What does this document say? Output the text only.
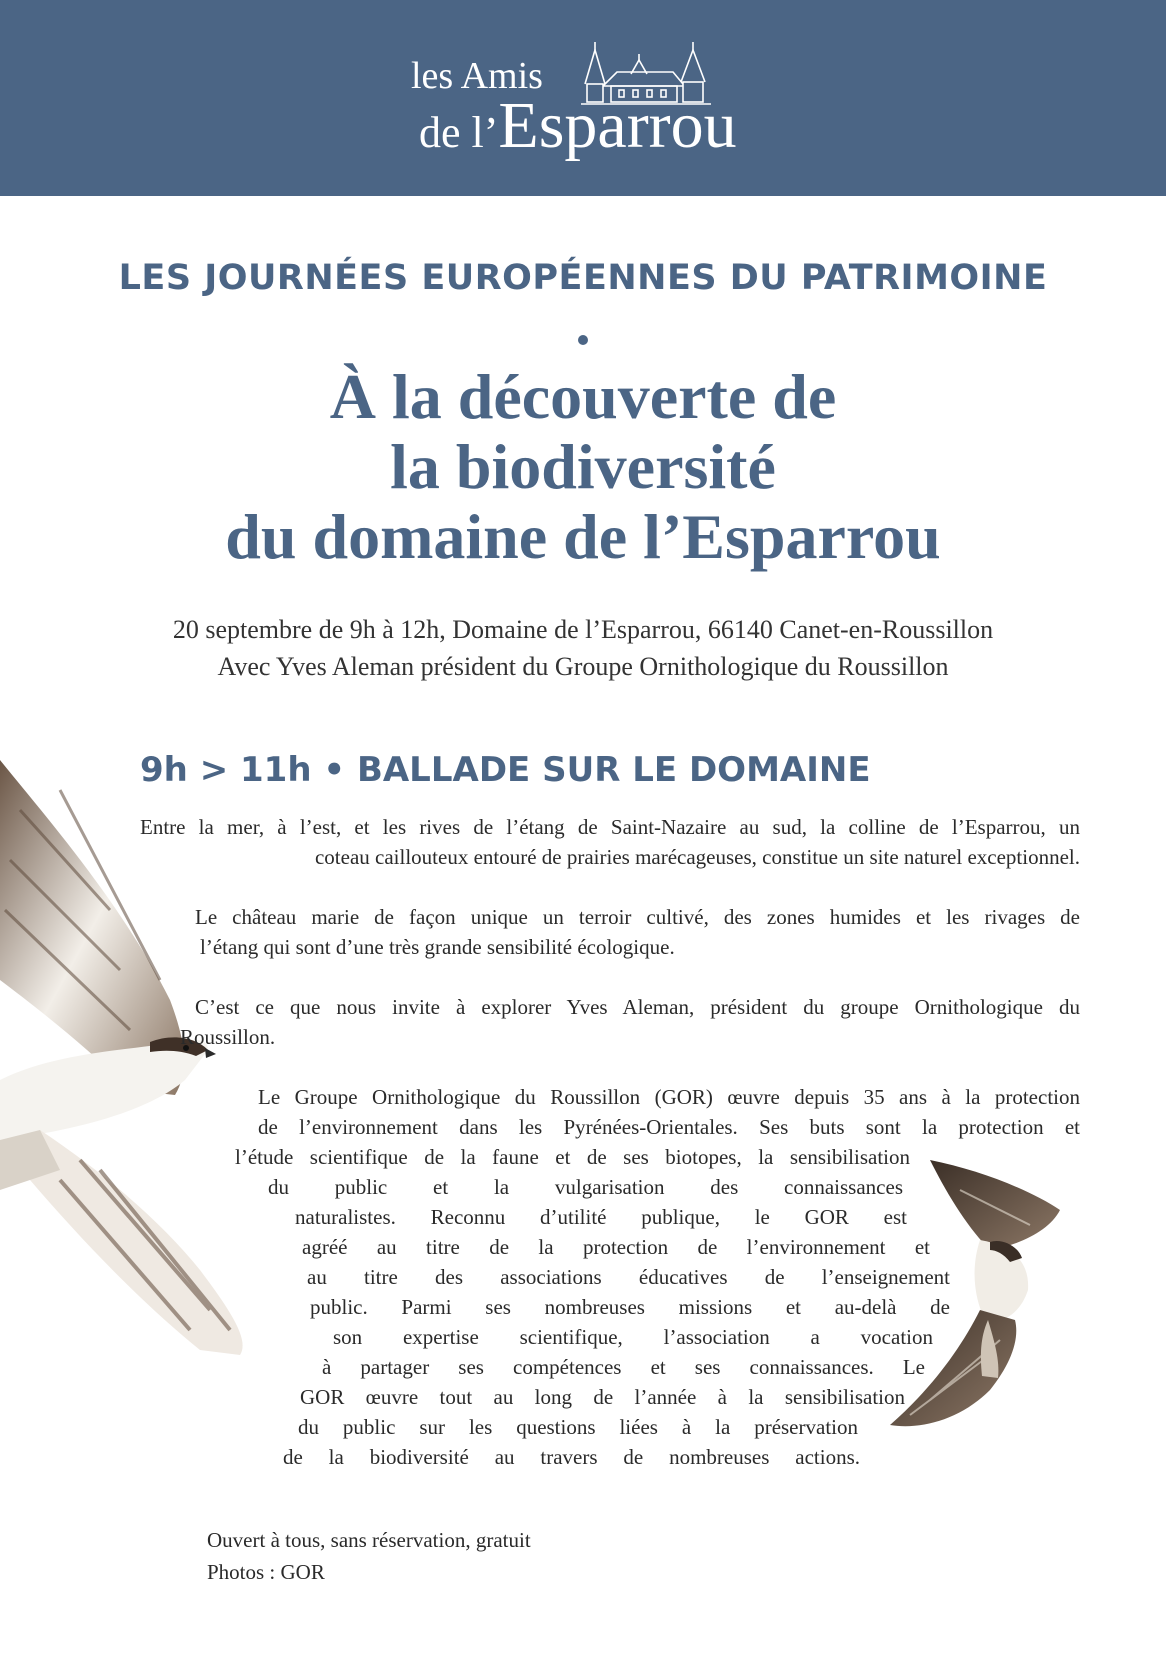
les Amis
de l’Esparrou
LES JOURNÉES EUROPÉENNES DU PATRIMOINE
À la découverte de
la biodiversité
du domaine de l’Esparrou

20 septembre de 9h à 12h, Domaine de l’Esparrou, 66140 Canet-en-Roussillon

Avec Yves Aleman président du Groupe Ornithologique du Roussillon

9h > 11h • BALLADE SUR LE DOMAINE

Entre la mer, à l’est, et les rives de l’étang de Saint-Nazaire au sud, la colline de l’Esparrou, un

coteau caillouteux entouré de prairies marécageuses, constitue un site naturel exceptionnel.

Le château marie de façon unique un terroir cultivé, des zones humides et les rivages de

l’étang qui sont d’une très grande sensibilité écologique.

C’est ce que nous invite à explorer Yves Aleman, président du groupe Ornithologique du

Roussillon.

Le Groupe Ornithologique du Roussillon (GOR) œuvre depuis 35 ans à la protection

de l’environnement dans les Pyrénées-Orientales. Ses buts sont la protection et

l’étude scientifique de la faune et de ses biotopes, la sensibilisation

du public et la vulgarisation des connaissances

naturalistes. Reconnu d’utilité publique, le GOR est

agréé au titre de la protection de l’environnement et

au titre des associations éducatives de l’enseignement

public. Parmi ses nombreuses missions et au-delà de

son expertise scientifique, l’association a vocation

à partager ses compétences et ses connaissances. Le

GOR œuvre tout au long de l’année à la sensibilisation

du public sur les questions liées à la préservation

de la biodiversité au travers de nombreuses actions.

Ouvert à tous, sans réservation, gratuit

Photos : GOR
